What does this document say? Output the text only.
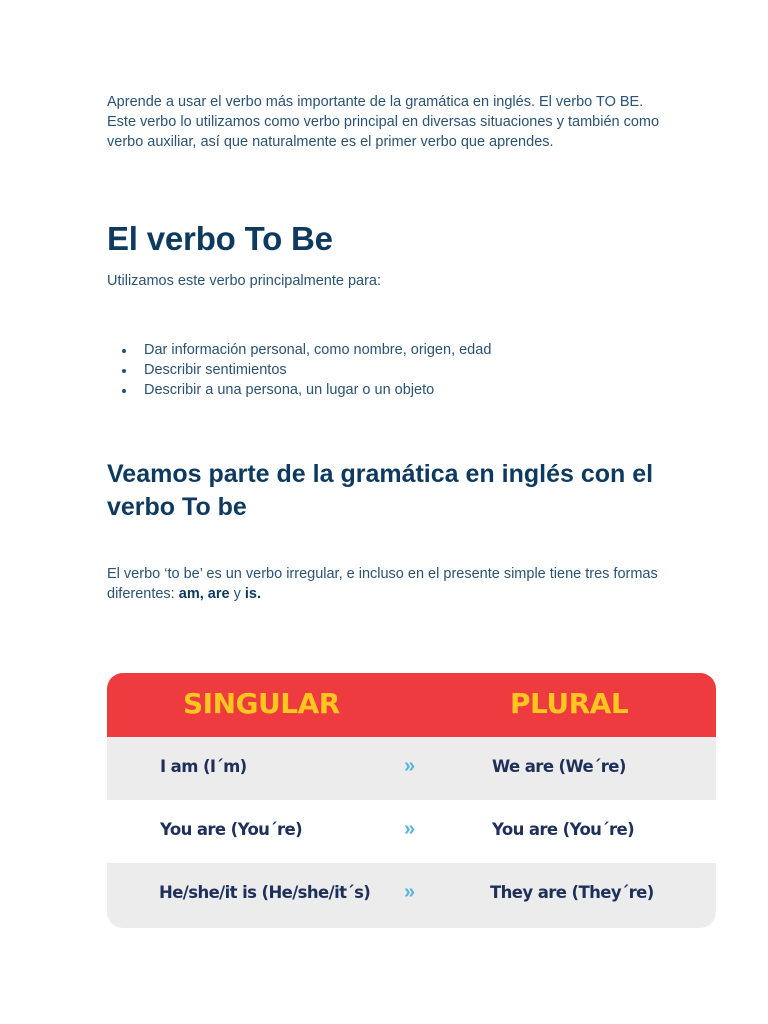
Aprende a usar el verbo más importante de la gramática en inglés. El verbo TO BE. Este verbo lo utilizamos como verbo principal en diversas situaciones y también como verbo auxiliar, así que naturalmente es el primer verbo que aprendes.

El verbo To Be

Utilizamos este verbo principalmente para:

Dar información personal, como nombre, origen, edad
Describir sentimientos
Describir a una persona, un lugar o un objeto
Veamos parte de la gramática en inglés con el verbo To be

El verbo ‘to be’ es un verbo irregular, e incluso en el presente simple tiene tres formas diferentes: am, are y is.

SINGULAR	PLURAL
I am (I´m)	»	We are (We´re)
You are (You´re)	»	You are (You´re)
He/she/it is (He/she/it´s) »	They are (They´re)
